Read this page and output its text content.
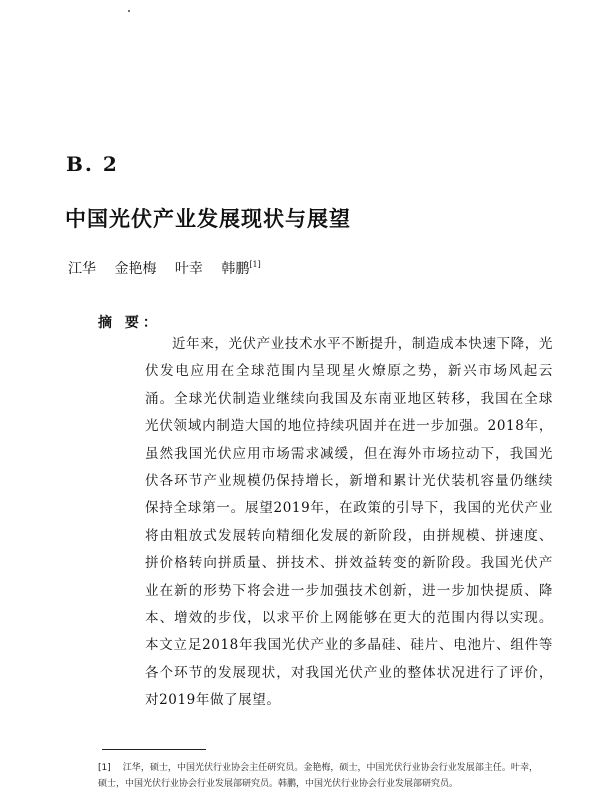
B. 2
中国光伏产业发展现状与展望
江华 金艳梅 叶幸 韩鹏[1]
摘 要：
近年来，光伏产业技术水平不断提升，制造成本快速下降，光伏发电应用在全球范围内呈现星火燎原之势，新兴市场风起云涌。全球光伏制造业继续向我国及东南亚地区转移，我国在全球光伏领域内制造大国的地位持续巩固并在进一步加强。2018年，虽然我国光伏应用市场需求减缓，但在海外市场拉动下，我国光伏各环节产业规模仍保持增长，新增和累计光伏装机容量仍继续保持全球第一。展望2019年，在政策的引导下，我国的光伏产业将由粗放式发展转向精细化发展的新阶段，由拼规模、拼速度、拼价格转向拼质量、拼技术、拼效益转变的新阶段。我国光伏产业在新的形势下将会进一步加强技术创新，进一步加快提质、降本、增效的步伐，以求平价上网能够在更大的范围内得以实现。本文立足2018年我国光伏产业的多晶硅、硅片、电池片、组件等各个环节的发展现状，对我国光伏产业的整体状况进行了评价，对2019年做了展望。
[1] 江华，硕士，中国光伏行业协会主任研究员。金艳梅，硕士，中国光伏行业协会行业发展部主任。叶幸，硕士，中国光伏行业协会行业发展部研究员。韩鹏，中国光伏行业协会行业发展部研究员。
